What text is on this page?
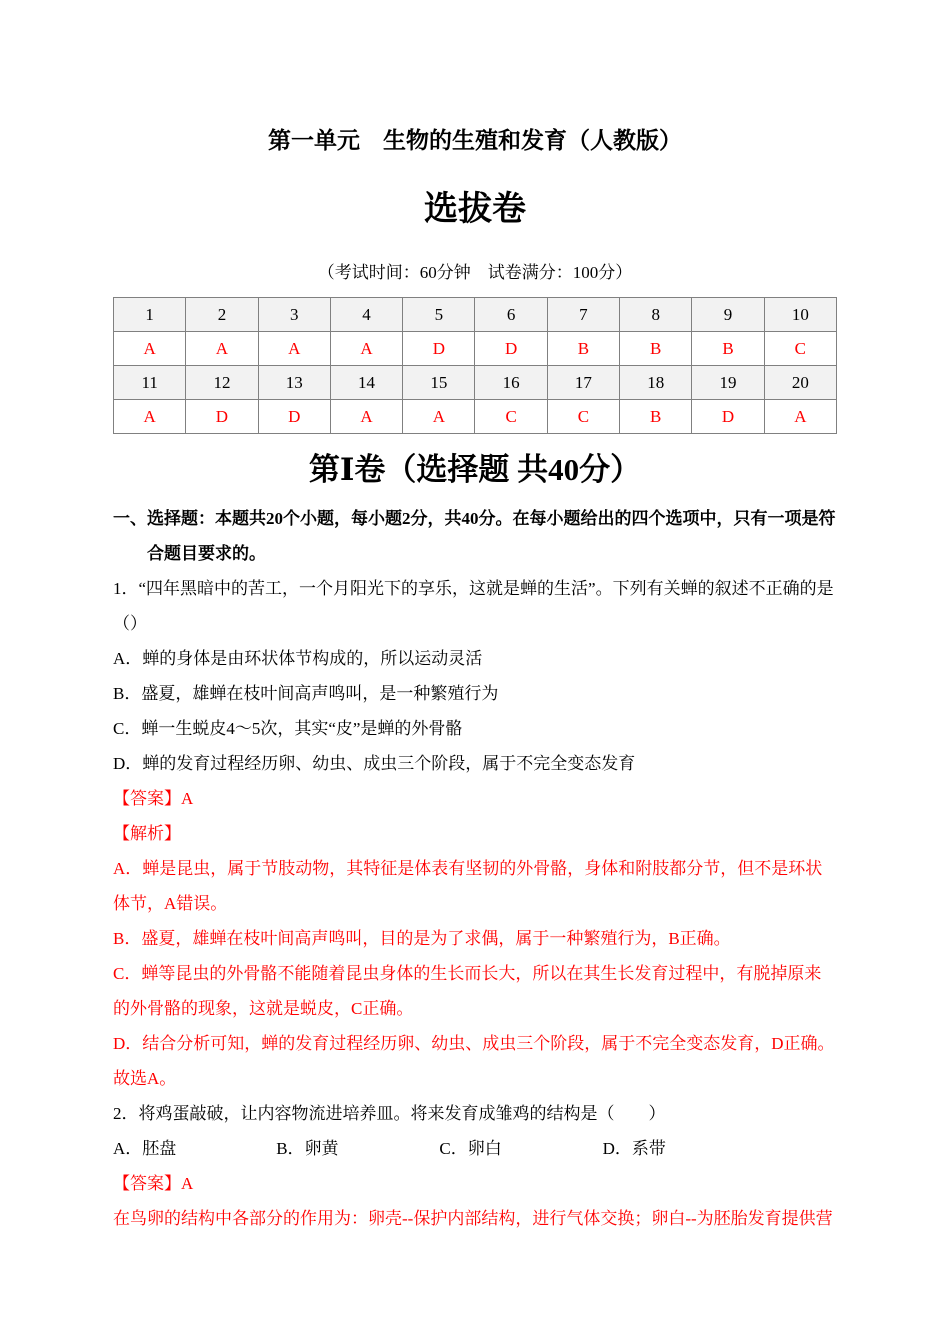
第一单元　生物的生殖和发育（人教版）
选拔卷

（考试时间：60分钟　试卷满分：100分）

1	2	3	4	5	6	7	8	9	10
A	A	A	A	D	D	B	B	B	C
11	12	13	14	15	16	17	18	19	20
A	D	D	A	A	C	C	B	D	A
第Ⅰ卷（选择题 共40分）

一、选择题：本题共20个小题，每小题2分，共40分。在每小题给出的四个选项中，只有一项是符合题目要求的。

1．“四年黑暗中的苦工，一个月阳光下的享乐，这就是蝉的生活”。下列有关蝉的叙述不正确的是（）

A．蝉的身体是由环状体节构成的，所以运动灵活

B．盛夏，雄蝉在枝叶间高声鸣叫，是一种繁殖行为

C．蝉一生蜕皮4～5次，其实“皮”是蝉的外骨骼

D．蝉的发育过程经历卵、幼虫、成虫三个阶段，属于不完全变态发育

【答案】A

【解析】

A．蝉是昆虫，属于节肢动物，其特征是体表有坚韧的外骨骼，身体和附肢都分节，但不是环状体节，A错误。

B．盛夏，雄蝉在枝叶间高声鸣叫，目的是为了求偶，属于一种繁殖行为，B正确。

C．蝉等昆虫的外骨骼不能随着昆虫身体的生长而长大，所以在其生长发育过程中，有脱掉原来的外骨骼的现象，这就是蜕皮，C正确。

D．结合分析可知，蝉的发育过程经历卵、幼虫、成虫三个阶段，属于不完全变态发育，D正确。

故选A。

2．将鸡蛋敲破，让内容物流进培养皿。将来发育成雏鸡的结构是（　　）

A．胚盘	B．卵黄	C．卵白	D．系带

【答案】A

在鸟卵的结构中各部分的作用为：卵壳--保护内部结构，进行气体交换；卵白--为胚胎发育提供营
